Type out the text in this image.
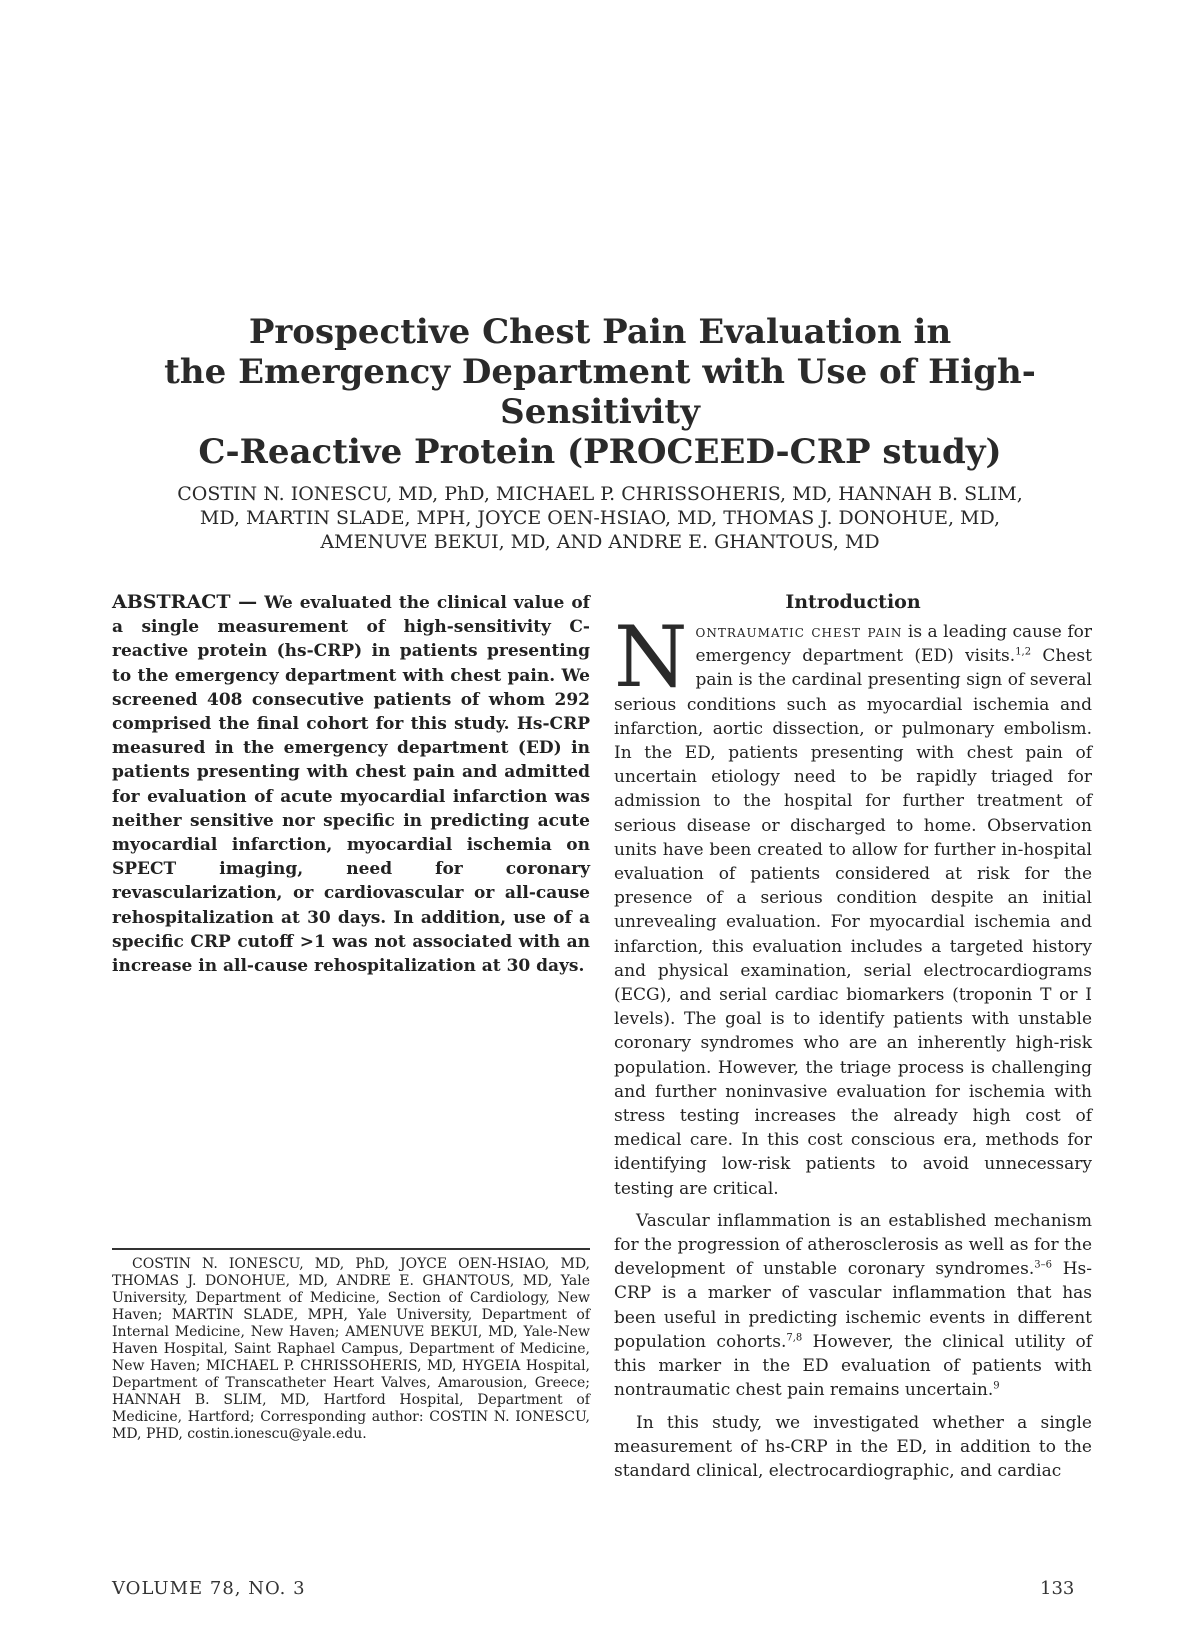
Prospective Chest Pain Evaluation in
the Emergency Department with Use of High-Sensitivity
C-Reactive Protein (PROCEED-CRP study)
COSTIN N. IONESCU, MD, PhD, MICHAEL P. CHRISSOHERIS, MD, HANNAH B. SLIM,
MD, MARTIN SLADE, MPH, JOYCE OEN-HSIAO, MD, THOMAS J. DONOHUE, MD,
AMENUVE BEKUI, MD, AND ANDRE E. GHANTOUS, MD
ABSTRACT — We evaluated the clinical value of a single measurement of high-sensitivity C-reactive protein (hs-CRP) in patients presenting to the emergency department with chest pain. We screened 408 consecutive patients of whom 292 comprised the final cohort for this study. Hs-CRP measured in the emergency department (ED) in patients presenting with chest pain and admitted for evaluation of acute myocardial infarction was neither sensitive nor specific in predicting acute myocardial infarction, myocardial ischemia on SPECT imaging, need for coronary revascularization, or cardiovascular or all-cause rehospitalization at 30 days. In addition, use of a specific CRP cutoff >1 was not associated with an increase in all-cause rehospitalization at 30 days.
COSTIN N. IONESCU, MD, PhD, JOYCE OEN-HSIAO, MD, THOMAS J. DONOHUE, MD, ANDRE E. GHANTOUS, MD, Yale University, Department of Medicine, Section of Cardiology, New Haven; MARTIN SLADE, MPH, Yale University, Department of Internal Medicine, New Haven; AMENUVE BEKUI, MD, Yale-New Haven Hospital, Saint Raphael Campus, Department of Medicine, New Haven; MICHAEL P. CHRISSOHERIS, MD, HYGEIA Hospital, Department of Transcatheter Heart Valves, Amarousion, Greece; HANNAH B. SLIM, MD, Hartford Hospital, Department of Medicine, Hartford; Corresponding author: COSTIN N. IONESCU, MD, PHD, costin.ionescu@yale.edu.
Introduction

Nontraumatic chest pain is a leading cause for emergency department (ED) visits.$^{1,2}$ Chest pain is the cardinal presenting sign of several serious conditions such as myocardial ischemia and infarction, aortic dissection, or pulmonary embolism. In the ED, patients presenting with chest pain of uncertain etiology need to be rapidly triaged for admission to the hospital for further treatment of serious disease or discharged to home. Observation units have been created to allow for further in-hospital evaluation of patients considered at risk for the presence of a serious condition despite an initial unrevealing evaluation. For myocardial ischemia and infarction, this evaluation includes a targeted history and physical examination, serial electrocardiograms (ECG), and serial cardiac biomarkers (troponin T or I levels). The goal is to identify patients with unstable coronary syndromes who are an inherently high-risk population. However, the triage process is challenging and further noninvasive evaluation for ischemia with stress testing increases the already high cost of medical care. In this cost conscious era, methods for identifying low-risk patients to avoid unnecessary testing are critical.

Vascular inflammation is an established mechanism for the progression of atherosclerosis as well as for the development of unstable coronary syndromes.$^{3-6}$ Hs-CRP is a marker of vascular inflammation that has been useful in predicting ischemic events in different population cohorts.$^{7,8}$ However, the clinical utility of this marker in the ED evaluation of patients with nontraumatic chest pain remains uncertain.$^9$

In this study, we investigated whether a single measurement of hs-CRP in the ED, in addition to the standard clinical, electrocardiographic, and cardiac

VOLUME 78, NO. 3	133
